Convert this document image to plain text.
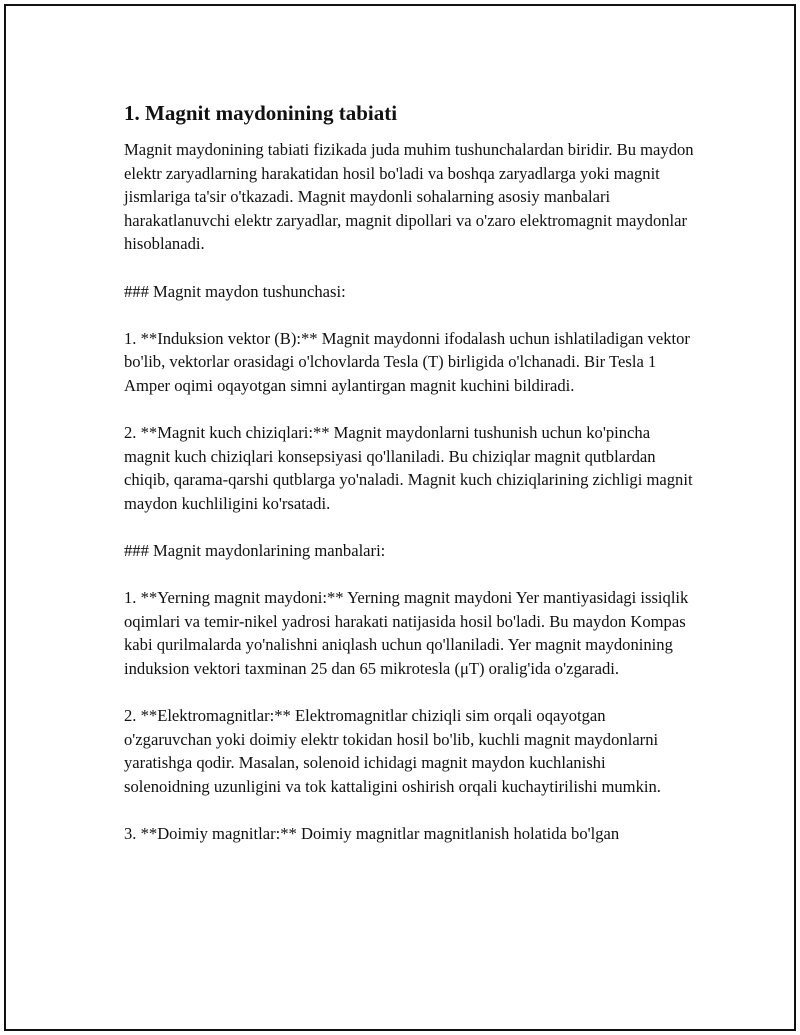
1. Magnit maydonining tabiati

Magnit maydonining tabiati fizikada juda muhim tushunchalardan biridir. Bu maydon elektr zaryadlarning harakatidan hosil bo'ladi va boshqa zaryadlarga yoki magnit jismlariga ta'sir o'tkazadi. Magnit maydonli sohalarning asosiy manbalari harakatlanuvchi elektr zaryadlar, magnit dipollari va o'zaro elektromagnit maydonlar hisoblanadi.

### Magnit maydon tushunchasi:

1. **Induksion vektor (B):** Magnit maydonni ifodalash uchun ishlatiladigan vektor bo'lib, vektorlar orasidagi o'lchovlarda Tesla (T) birligida o'lchanadi. Bir Tesla 1 Amper oqimi oqayotgan simni aylantirgan magnit kuchini bildiradi.

2. **Magnit kuch chiziqlari:** Magnit maydonlarni tushunish uchun ko'pincha magnit kuch chiziqlari konsepsiyasi qo'llaniladi. Bu chiziqlar magnit qutblardan chiqib, qarama-qarshi qutblarga yo'naladi. Magnit kuch chiziqlarining zichligi magnit maydon kuchliligini ko'rsatadi.

### Magnit maydonlarining manbalari:

1. **Yerning magnit maydoni:** Yerning magnit maydoni Yer mantiyasidagi issiqlik oqimlari va temir-nikel yadrosi harakati natijasida hosil bo'ladi. Bu maydon Kompas kabi qurilmalarda yo'nalishni aniqlash uchun qo'llaniladi. Yer magnit maydonining induksion vektori taxminan 25 dan 65 mikrotesla (μT) oralig'ida o'zgaradi.

2. **Elektromagnitlar:** Elektromagnitlar chiziqli sim orqali oqayotgan o'zgaruvchan yoki doimiy elektr tokidan hosil bo'lib, kuchli magnit maydonlarni yaratishga qodir. Masalan, solenoid ichidagi magnit maydon kuchlanishi solenoidning uzunligini va tok kattaligini oshirish orqali kuchaytirilishi mumkin.

3. **Doimiy magnitlar:** Doimiy magnitlar magnitlanish holatida bo'lgan
